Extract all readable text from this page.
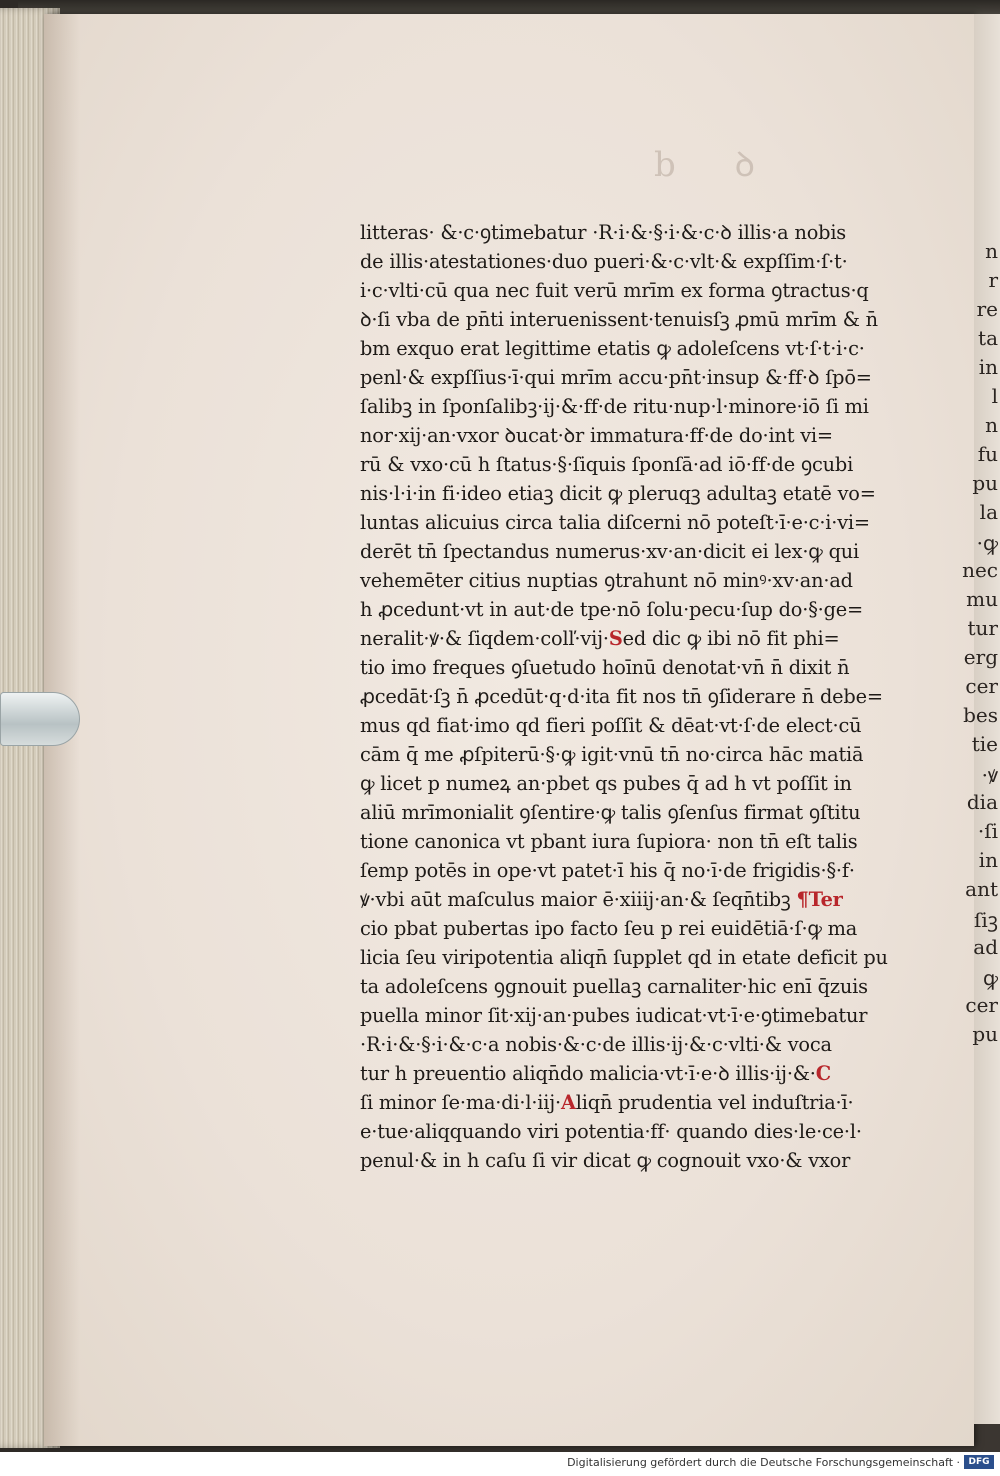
b ꝺ
n
r
re
ta
in
l
n
fu
pu
la
·ꝙ
nec
mu
tur
erg
cer
bes
tie
·ꝟ
dia
·ſi
in
ant
ſiꝫ
ad
ꝙ
cer
pu
litteras· &·c·ꝯtimebatur ·R·i·&·§·i·&·c·ꝺ illis·a nobis
de illis·atestationes·duo pueri·&·c·vlt·& expſſim·ſ·t·
i·c·vlti·cū qua nec fuit verū mrīm ex forma ꝯtractus·q
ꝺ·ſi vba de pn̄ti interuenissent·tenuisſꝫ ꝓmū mrīm & n̄
bm exquo erat legittime etatis ꝙ adoleſcens vt·ſ·t·i·c·
penl·& expſſius·ī·qui mrīm accu·pn̄t·insup &·ff·ꝺ ſpō=
ſalibꝫ in ſponſalibꝫ·ij·&·ff·de ritu·nup·l·minore·iō ſi mi
nor·xij·an·vxor ꝺucat·ꝺr immatura·ff·de do·int vi=
rū & vxo·cū h ſtatus·§·ſiquis ſponſā·ad iō·ff·de ꝯcubi
nis·l·i·in fi·ideo etiaꝫ dicit ꝙ pleruqꝫ adultaꝫ etatē vo=
luntas alicuius circa talia diſcerni nō poteſt·ī·e·c·i·vi=
derēt tn̄ ſpectandus numerus·xv·an·dicit ei lex·ꝙ qui
vehemēter citius nuptias ꝯtrahunt nō minꝰ·xv·an·ad
h ꝓcedunt·vt in aut·de tpe·nō ſolu·pecu·ſup do·§·ge=
neralit·ꝟ·& ſiqdem·colľ·vij·Sed dic ꝙ ibi nō fit phi=
tio imo freques ꝯſuetudo hoīnū denotat·vn̄ n̄ dixit n̄
ꝓcedāt·ſꝫ n̄ ꝓcedūt·q·d·ita fit nos tn̄ ꝯſiderare n̄ debe=
mus qd fiat·imo qd fieri poſſit & dēat·vt·ſ·de elect·cū
cām q̄ me ꝓſpiterū·§·ꝙ igit·vnū tn̄ no·circa hāc matiā
ꝙ licet p numeꝝ an·pbet qs pubes q̄ ad h vt poſſit in
aliū mrīmonialit ꝯſentire·ꝙ talis ꝯſenſus firmat ꝯſtitu
tione canonica vt pbant iura ſupiora· non tn̄ eſt talis
ſemp potēs in ope·vt patet·ī his q̄ no·ī·de frigidis·§·f·
ꝟ·vbi aūt maſculus maior ē·xiiij·an·& ſeqn̄tibꝫ ¶Ter
cio pbat pubertas ipo facto ſeu p rei euidētiā·ſ·ꝙ ma
licia ſeu viripotentia aliqn̄ ſupplet qd in etate deficit pu
ta adoleſcens ꝯgnouit puellaꝫ carnaliter·hic enī q̄zuis
puella minor ſit·xij·an·pubes iudicat·vt·ī·e·ꝯtimebatur
·R·i·&·§·i·&·c·a nobis·&·c·de illis·ij·&·c·vlti·& voca
tur h preuentio aliqn̄do malicia·vt·ī·e·ꝺ illis·ij·&·C
ſi minor ſe·ma·di·l·iij·Aliqn̄ prudentia vel induſtria·ī·
e·tue·aliqquando viri potentia·ff· quando dies·le·ce·l·
penul·& in h caſu ſi vir dicat ꝙ cognouit vxo·& vxor
Digitalisierung gefördert durch die Deutsche Forschungsgemeinschaft · DFG
